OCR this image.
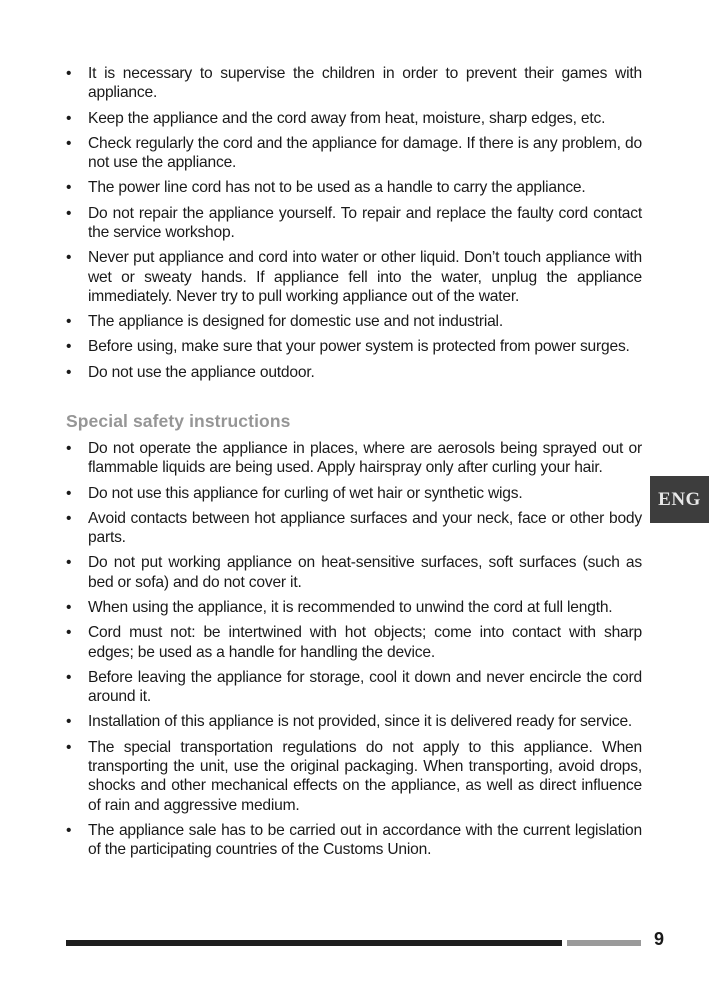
• It is necessary to supervise the children in order to prevent their games with appliance.
• Keep the appliance and the cord away from heat, moisture, sharp edges, etc.
• Check regularly the cord and the appliance for damage. If there is any problem, do not use the appliance.
• The power line cord has not to be used as a handle to carry the appliance.
• Do not repair the appliance yourself. To repair and replace the faulty cord contact the service workshop.
• Never put appliance and cord into water or other liquid. Don’t touch appliance with wet or sweaty hands. If appliance fell into the water, unplug the appliance immediately. Never try to pull working appliance out of the water.
• The appliance is designed for domestic use and not industrial.
• Before using, make sure that your power system is protected from power surges.
• Do not use the appliance outdoor.
Special safety instructions
• Do not operate the appliance in places, where are aerosols being sprayed out or flammable liquids are being used. Apply hairspray only after curling your hair.
• Do not use this appliance for curling of wet hair or synthetic wigs.
• Avoid contacts between hot appliance surfaces and your neck, face or other body parts.
• Do not put working appliance on heat-sensitive surfaces, soft surfaces (such as bed or sofa) and do not cover it.
• When using the appliance, it is recommended to unwind the cord at full length.
• Cord must not: be intertwined with hot objects; come into contact with sharp edges; be used as a handle for handling the device.
• Before leaving the appliance for storage, cool it down and never encircle the cord around it.
• Installation of this appliance is not provided, since it is delivered ready for service.
• The special transportation regulations do not apply to this appliance. When transporting the unit, use the original packaging. When transporting, avoid drops, shocks and other mechanical effects on the appliance, as well as direct influence of rain and aggressive medium.
• The appliance sale has to be carried out in accordance with the current legislation of the participating countries of the Customs Union.
ENG
9
